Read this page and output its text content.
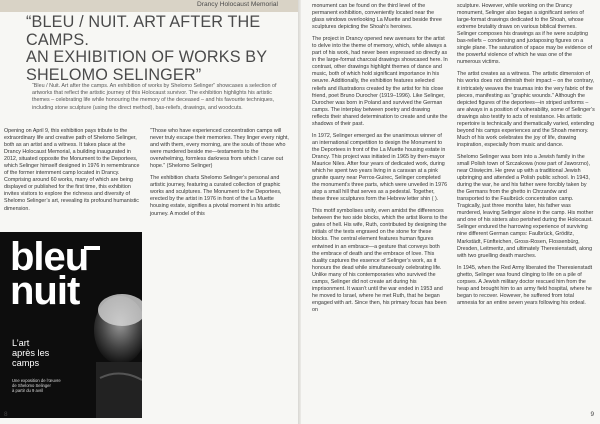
Drancy Holocaust Memorial
“BLEU / NUIT. ART AFTER THE CAMPS.
AN EXHIBITION OF WORKS BY
SHELOMO SELINGER”
“Bleu / Nuit. Art after the camps. An exhibition of works by Shelomo Selinger” showcases a selection of artworks that reflect the artistic journey of this Holocaust survivor. The exhibition highlights his artistic themes – celebrating life while honouring the memory of the deceased – and his favourite techniques, including stone sculpture (using the direct method), bas-reliefs, drawings, and woodcuts.

Opening on April 9, this exhibition pays tribute to the extraordinary life and creative path of Shelomo Selinger, both as an artist and a witness. It takes place at the Drancy Holocaust Memorial, a building inaugurated in 2012, situated opposite the Monument to the Deportees, which Selinger himself designed in 1976 in remembrance of the former internment camp located in Drancy. Comprising around 60 works, many of which are being displayed or published for the first time, this exhibition invites visitors to explore the richness and diversity of Shelomo Selinger’s art, revealing its profound humanistic dimension.

“Those who have experienced concentration camps will never truly escape their memories. They linger every night, and with them, every morning, are the souls of those who were murdered beside me—testaments to the overwhelming, formless darkness from which I carve out hope.” (Shelomo Selinger)

The exhibition charts Shelomo Selinger’s personal and artistic journey, featuring a curated collection of graphic works and sculptures. The Monument to the Deportees, erected by the artist in 1976 in front of the La Muette housing estate, signifies a pivotal moment in his artistic journey. A model of this

bleu
nuit
L’art
après les
camps
Une exposition de l’œuvre
de Shelomo Selinger
à partir du 9 avril
8

monument can be found on the third level of the permanent exhibition, conveniently located near the glass windows overlooking La Muette and beside three sculptures depicting the Shoah’s heroines.

The project in Drancy opened new avenues for the artist to delve into the theme of memory, which, while always a part of his work, had never been expressed so directly as in the large-format charcoal drawings showcased here. In contrast, other drawings highlight themes of dance and music, both of which hold significant importance in his oeuvre. Additionally, the exhibition features selected reliefs and illustrations created by the artist for his close friend, poet Bruno Durocher (1919–1996). Like Selinger, Durocher was born in Poland and survived the German camps. The interplay between poetry and drawing reflects their shared determination to create and unite the shadows of their past.

In 1972, Selinger emerged as the unanimous winner of an international competition to design the Monument to the Deportees in front of the La Muette housing estate in Drancy. This project was initiated in 1965 by then-mayor Maurice Niles. After four years of dedicated work, during which he spent two years living in a caravan at a pink granite quarry near Perros-Guirec, Selinger completed the monument’s three parts, which were unveiled in 1976 atop a small hill that serves as a pedestal. Together, these three sculptures form the Hebrew letter shin ( ).

This motif symbolises unity, even amidst the differences between the two side blocks, which the artist likens to the gates of hell. His wife, Ruth, contributed by designing the initials of the texts engraved on the stone for these blocks. The central element features human figures entwined in an embrace—a gesture that conveys both the embrace of death and the embrace of love. This duality captures the essence of Selinger’s work, as it honours the dead while simultaneously celebrating life. Unlike many of his contemporaries who survived the camps, Selinger did not create art during his imprisonment. It wasn’t until the war ended in 1953 and he moved to Israel, where he met Ruth, that he began engaged with art. Since then, his primary focus has been on

sculpture. However, while working on the Drancy monument, Selinger also began a significant series of large-format drawings dedicated to the Shoah, whose extreme brutality draws on various biblical themes. Selinger composes his drawings as if he were sculpting bas-reliefs – condensing and juxtaposing figures on a single plane. The saturation of space may be evidence of the powerful violence of which he was one of the numerous victims.

The artist creates as a witness. The artistic dimension of his works does not diminish their impact – on the contrary, it intricately weaves the traumas into the very fabric of the pieces, manifesting as “graphic wounds.” Although the depicted figures of the deportees—in striped uniforms – are always in a position of vulnerability, some of Selinger’s drawings also testify to acts of resistance. His artistic repertoire is technically and thematically varied, extending beyond his camps experiences and the Shoah memory. Much of his work celebrates the joy of life, drawing inspiration, especially from music and dance.

Shelomo Selinger was born into a Jewish family in the small Polish town of Szczakowa (now part of Jaworzno), near Oświęcim. He grew up with a traditional Jewish upbringing and attended a Polish public school. In 1943, during the war, he and his father were forcibly taken by the Germans from the ghetto in Chrzanów and transported to the Faulbrück concentration camp. Tragically, just three months later, his father was murdered, leaving Selinger alone in the camp. His mother and one of his sisters also perished during the Holocaust. Selinger endured the harrowing experience of surviving nine different German camps: Faulbrück, Gröditz, Markstädt, Fünfteichen, Gross-Rosen, Flossenbürg, Dresden, Leitmeritz, and ultimately Theresienstadt, along with two gruelling death marches.

In 1945, when the Red Army liberated the Theresienstadt ghetto, Selinger was found clinging to life on a pile of corpses. A Jewish military doctor rescued him from the heap and brought him to an army field hospital, where he began to recover. However, he suffered from total amnesia for an entire seven years following his ordeal.

9
